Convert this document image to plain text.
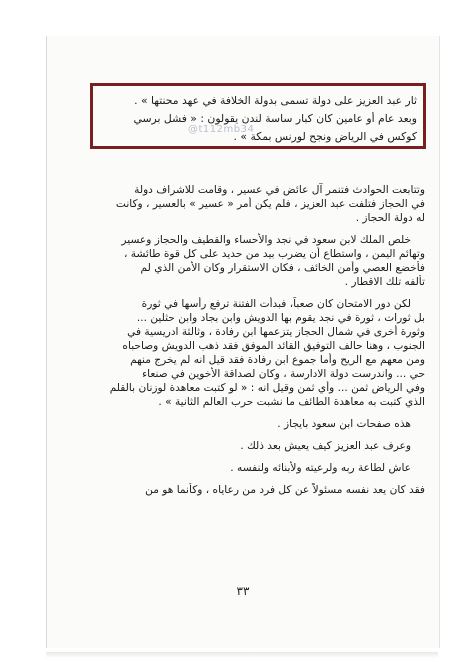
وتتابعت الحوادث فتنمر آل عائض في عسير ، وقامت للاشراف دولة
في الحجاز فتلفت عبد العزيز ، فلم يكن أمر « عسير » بالعسير ، وكانت
له دولة الحجاز .
خلص الملك لابن سعود في نجد والأحساء والقطيف والحجاز وعسير
وتهائم اليمن ، واستطاع أن يضرب بيد من حديد على كل قوة طائشة ،
فأخضع العصي وأمن الخائف ، فكان الاستقرار وكان الأمن الذي لم
تألفه تلك الاقطار .
لكن دور الامتحان كان صعباً، فبدأت الفتنة ترفع رأسها في ثورة
بل ثورات ، ثورة في نجد يقوم بها الدويش وابن بجاد وابن حثلين ...
وثورة أخرى في شمال الحجاز يتزعمها ابن رفادة ، وثالثة ادريسية في
الجنوب ، وهنا حالف التوفيق القائد الموفق فقد ذهب الدويش وصاحباه
ومن معهم مع الريح وأما جموع ابن رفادة فقد قيل انه لم يخرج منهم
حي ... واندرست دولة الادارسة ، وكان لصداقة الأخوين في صنعاء
وفي الرياض ثمن ... وأي ثمن وقيل انه : « لو كتبت معاهدة لوزنان بالقلم
الذي كتبت به معاهدة الطائف ما نشبت حرب العالم الثانية » .
هذه صفحات ابن سعود بايجاز .
وعرف عبد العزيز كيف يعيش بعد ذلك .
عاش لطاعة ربه ولرعيته ولأبنائه ولنفسه .
فقد كان يعد نفسه مسئولاً عن كل فرد من رعاياه ، وكأنما هو من
٣٣
ثار عبد العزيز على دولة تسمى بدولة الخلافة في عهد محنتها » .
وبعد عام أو عامين كان كبار ساسة لندن يقولون : « فشل برسي
كوكس في الرياض ونجح لورنس بمكة » .
@t112mb34
